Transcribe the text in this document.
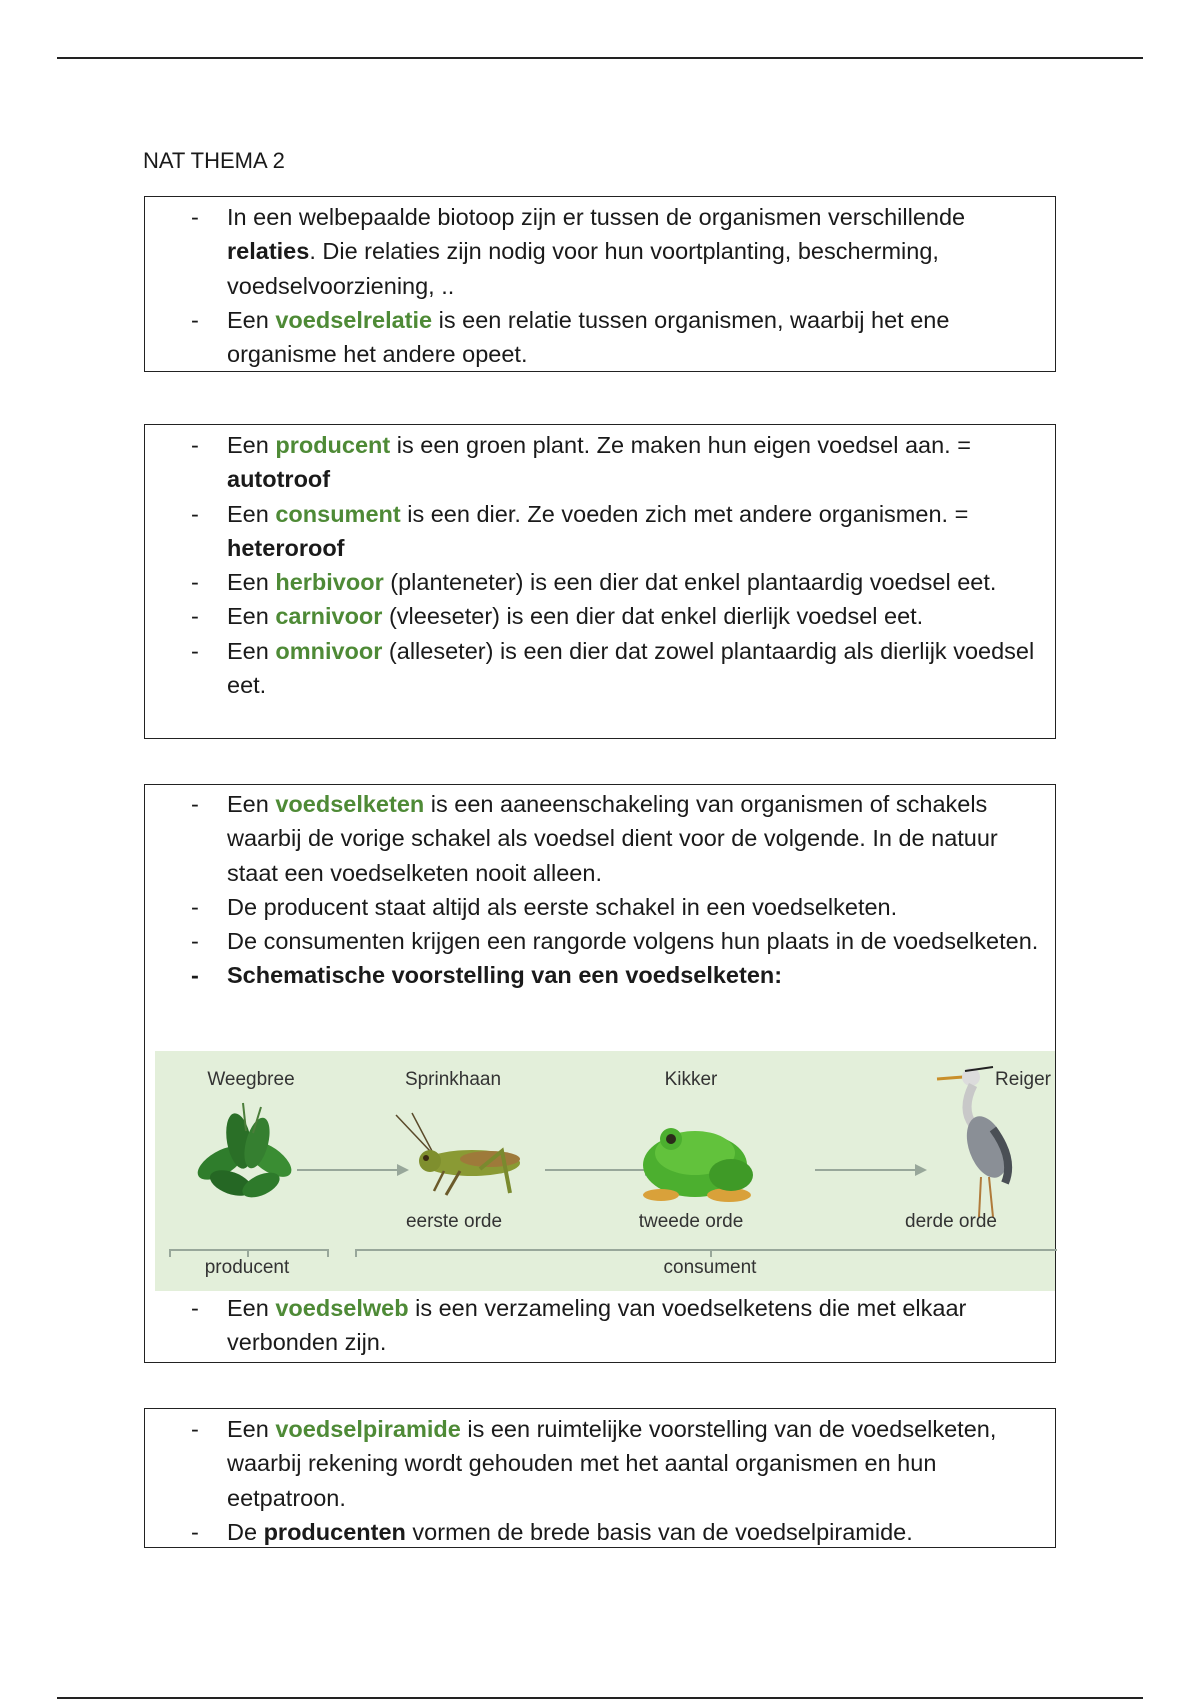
NAT THEMA 2
- In een welbepaalde biotoop zijn er tussen de organismen verschillende relaties. Die relaties zijn nodig voor hun voortplanting, bescherming, voedselvoorziening, ..
- Een voedselrelatie is een relatie tussen organismen, waarbij het ene organisme het andere opeet.
- Een producent is een groen plant. Ze maken hun eigen voedsel aan. = autotroof
- Een consument is een dier. Ze voeden zich met andere organismen. = heteroroof
- Een herbivoor (planteneter) is een dier dat enkel plantaardig voedsel eet.
- Een carnivoor (vleeseter) is een dier dat enkel dierlijk voedsel eet.
- Een omnivoor (alleseter) is een dier dat zowel plantaardig als dierlijk voedsel eet.
- Een voedselketen is een aaneenschakeling van organismen of schakels waarbij de vorige schakel als voedsel dient voor de volgende. In de natuur staat een voedselketen nooit alleen.
- De producent staat altijd als eerste schakel in een voedselketen.
- De consumenten krijgen een rangorde volgens hun plaats in de voedselketen.
- Schematische voorstelling van een voedselketen:
Weegbree	Sprinkhaan	Kikker	Reiger
eerste orde	tweede orde	derde orde
producent	consument
- Een voedselweb is een verzameling van voedselketens die met elkaar verbonden zijn.
- Een voedselpiramide is een ruimtelijke voorstelling van de voedselketen, waarbij rekening wordt gehouden met het aantal organismen en hun eetpatroon.
- De producenten vormen de brede basis van de voedselpiramide.
